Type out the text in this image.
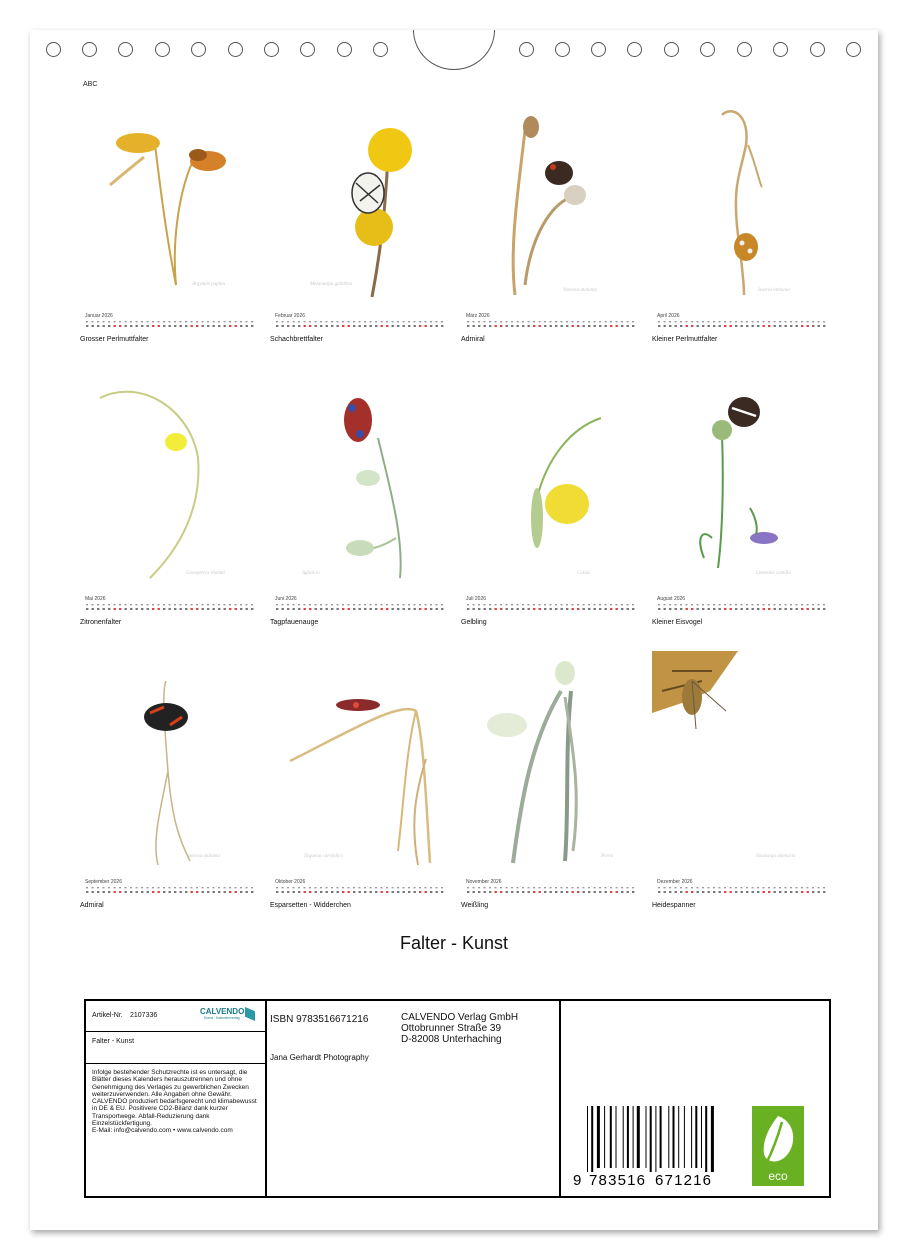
ABC
Argynnis paphia
Januar 2026
Grosser Perlmuttfalter
Melanargia galathea
Februar 2026
Schachbrettfalter
Vanessa atalanta
März 2026
Admiral
Issoria lathonia
April 2026
Kleiner Perlmuttfalter
Gonepteryx rhamni
Mai 2026
Zitronenfalter
Aglais io
Juni 2026
Tagpfauenauge
Colias
Juli 2026
Gelbling
Limenitis camilla
August 2026
Kleiner Eisvogel
Vanessa atalanta
September 2026
Admiral
Zygaena carniolica
Oktober 2026
Esparsetten - Widderchen
Pieris
November 2026
Weißling
Ematurga atomaria
Dezember 2026
Heidespanner
Falter - Kunst
Artikel-Nr. 2107336	CALVENDO
Kunst · Kalenderverlag
Falter - Kunst
Infolge bestehender Schutzrechte ist es untersagt, die Blätter dieses Kalenders herauszutrennen und ohne Genehmigung des Verlages zu gewerblichen Zwecken weiterzuverwenden. Alle Angaben ohne Gewähr. CALVENDO produziert bedarfsgerecht und klimabewusst in DE & EU. Positivere CO2-Bilanz dank kurzer Transportwege. Abfall-Reduzierung dank Einzelstückfertigung.
E-Mail: info@calvendo.com • www.calvendo.com
ISBN 9783516671216
Jana Gerhardt Photography
CALVENDO Verlag GmbH
Ottobrunner Straße 39
D-82008 Unterhaching
9 783516 671216	eco
